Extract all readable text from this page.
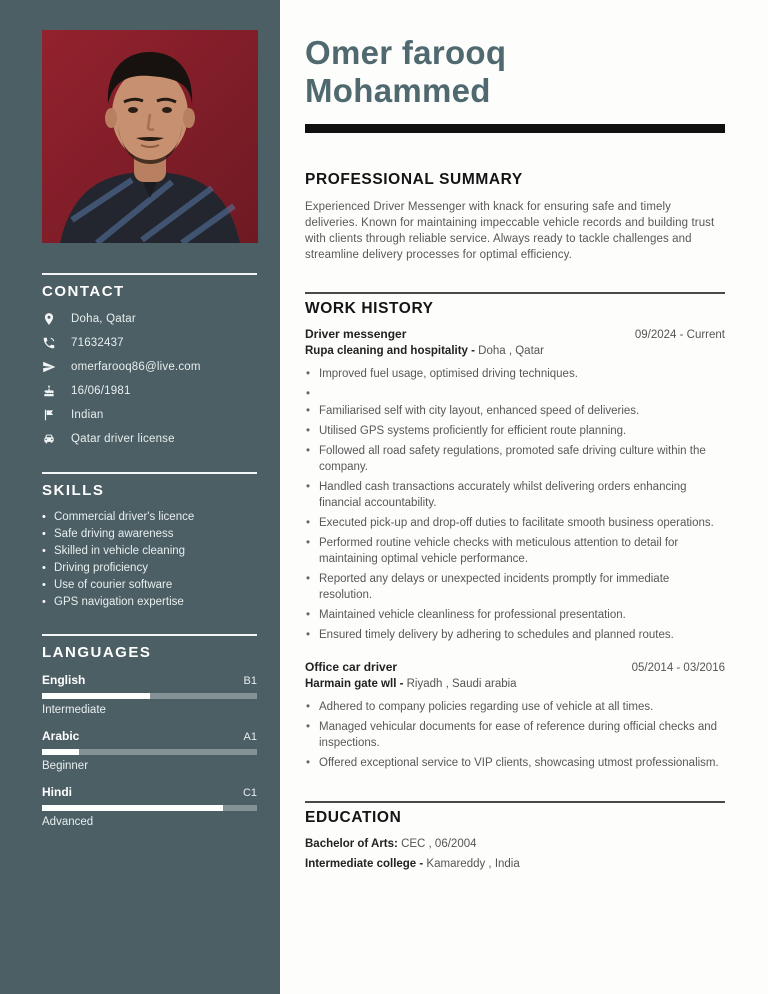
CONTACT
Doha, Qatar
71632437
omerfarooq86@live.com
16/06/1981
Indian
Qatar driver license
SKILLS
• Commercial driver's licence
• Safe driving awareness
• Skilled in vehicle cleaning
• Driving proficiency
• Use of courier software
• GPS navigation expertise
LANGUAGES
English	B1
Intermediate
Arabic	A1
Beginner
Hindi	C1
Advanced
Omer farooq
Mohammed
PROFESSIONAL SUMMARY

Experienced Driver Messenger with knack for ensuring safe and timely deliveries. Known for maintaining impeccable vehicle records and building trust with clients through reliable service. Always ready to tackle challenges and streamline delivery processes for optimal efficiency.

WORK HISTORY
Driver messenger	09/2024 - Current
Rupa cleaning and hospitality - Doha , Qatar
• Improved fuel usage, optimised driving techniques.
•
• Familiarised self with city layout, enhanced speed of deliveries.
• Utilised GPS systems proficiently for efficient route planning.
• Followed all road safety regulations, promoted safe driving culture within the company.
• Handled cash transactions accurately whilst delivering orders enhancing financial accountability.
• Executed pick-up and drop-off duties to facilitate smooth business operations.
• Performed routine vehicle checks with meticulous attention to detail for maintaining optimal vehicle performance.
• Reported any delays or unexpected incidents promptly for immediate resolution.
• Maintained vehicle cleanliness for professional presentation.
• Ensured timely delivery by adhering to schedules and planned routes.
Office car driver	05/2014 - 03/2016
Harmain gate wll - Riyadh , Saudi arabia
• Adhered to company policies regarding use of vehicle at all times.
• Managed vehicular documents for ease of reference during official checks and inspections.
• Offered exceptional service to VIP clients, showcasing utmost professionalism.
EDUCATION
Bachelor of Arts: CEC , 06/2004
Intermediate college - Kamareddy , India
